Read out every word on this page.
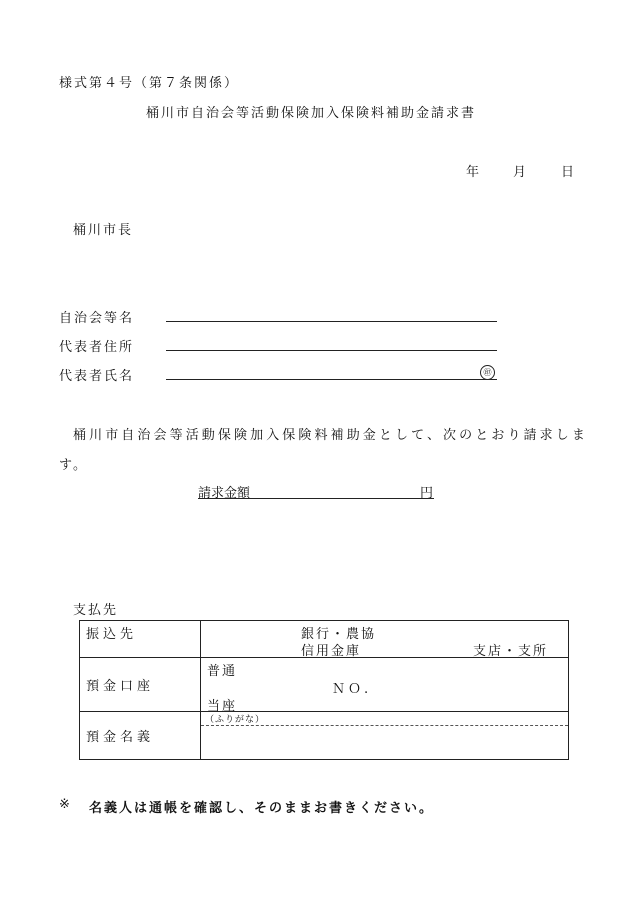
様式第４号（第７条関係）
桶川市自治会等活動保険加入保険料補助金請求書
年	月	日
桶川市長
自治会等名
代表者住所
代表者氏名	㊞
桶川市自治会等活動保険加入保険料補助金として、次のとおり請求しま
す。
請求金額	円
支払先
振込先	銀行・農協
信用金庫 支店・支所

預金口座	普通
ＮＯ.
当座

預金名義	（ふりがな）
※ 名義人は通帳を確認し、そのままお書きください。
